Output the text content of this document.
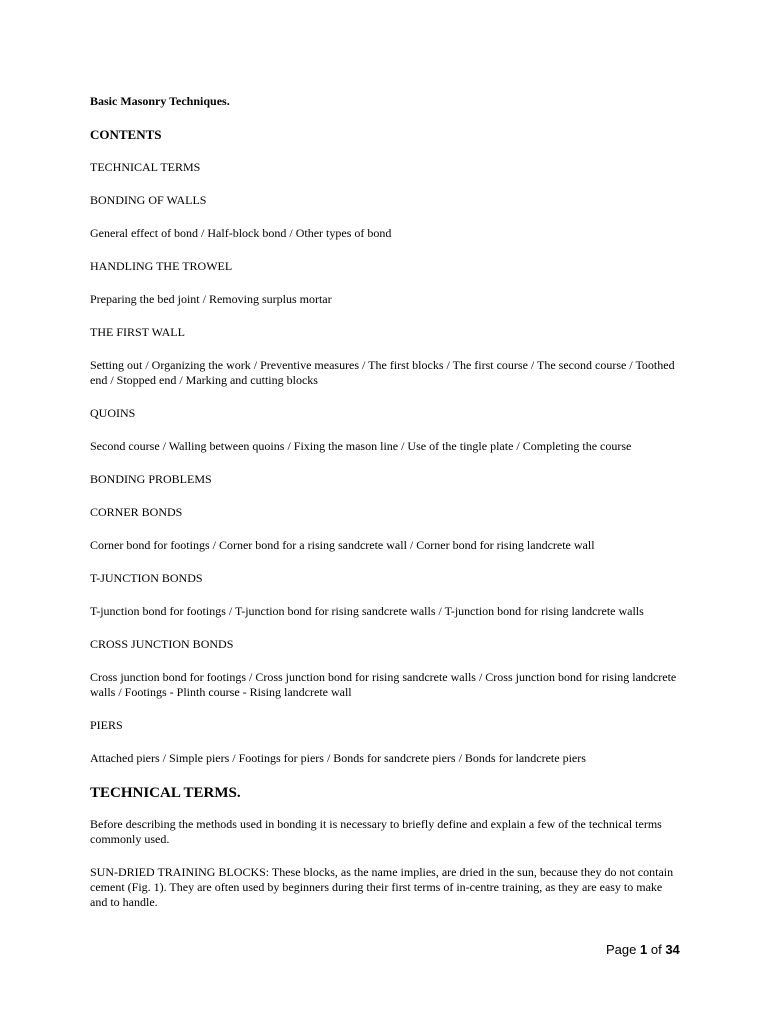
Basic Masonry Techniques.
CONTENTS
TECHNICAL TERMS
BONDING OF WALLS
General effect of bond / Half-block bond / Other types of bond
HANDLING THE TROWEL
Preparing the bed joint / Removing surplus mortar
THE FIRST WALL
Setting out / Organizing the work / Preventive measures / The first blocks / The first course / The second course / Toothed end / Stopped end / Marking and cutting blocks
QUOINS
Second course / Walling between quoins / Fixing the mason line / Use of the tingle plate / Completing the course
BONDING PROBLEMS
CORNER BONDS
Corner bond for footings / Corner bond for a rising sandcrete wall / Corner bond for rising landcrete wall
T-JUNCTION BONDS
T-junction bond for footings / T-junction bond for rising sandcrete walls / T-junction bond for rising landcrete walls
CROSS JUNCTION BONDS
Cross junction bond for footings / Cross junction bond for rising sandcrete walls / Cross junction bond for rising landcrete walls / Footings - Plinth course - Rising landcrete wall
PIERS
Attached piers / Simple piers / Footings for piers / Bonds for sandcrete piers / Bonds for landcrete piers
TECHNICAL TERMS.
Before describing the methods used in bonding it is necessary to briefly define and explain a few of the technical terms commonly used.
SUN-DRIED TRAINING BLOCKS: These blocks, as the name implies, are dried in the sun, because they do not contain cement (Fig. 1). They are often used by beginners during their first terms of in-centre training, as they are easy to make and to handle.
Page 1 of 34
